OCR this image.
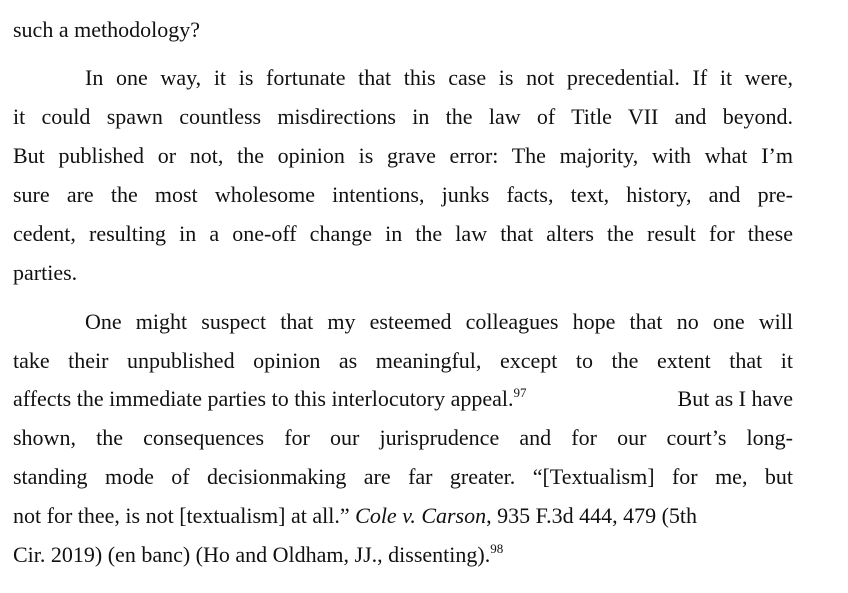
such a methodology?
In one way, it is fortunate that this case is not precedential. If it were,
it could spawn countless misdirections in the law of Title VII and beyond.
But published or not, the opinion is grave error: The majority, with what I’m
sure are the most wholesome intentions, junks facts, text, history, and pre-
cedent, resulting in a one-off change in the law that alters the result for these
parties.
One might suspect that my esteemed colleagues hope that no one will
take their unpublished opinion as meaningful, except to the extent that it
affects the immediate parties to this interlocutory appeal.$^{97}$	But as I have
shown, the consequences for our jurisprudence and for our court’s long-
standing mode of decisionmaking are far greater. “[Textualism] for me, but
not for thee, is not [textualism] at all.” Cole v. Carson, 935 F.3d 444, 479 (5th
Cir. 2019) (en banc) (Ho and Oldham, JJ., dissenting).$^{98}$
